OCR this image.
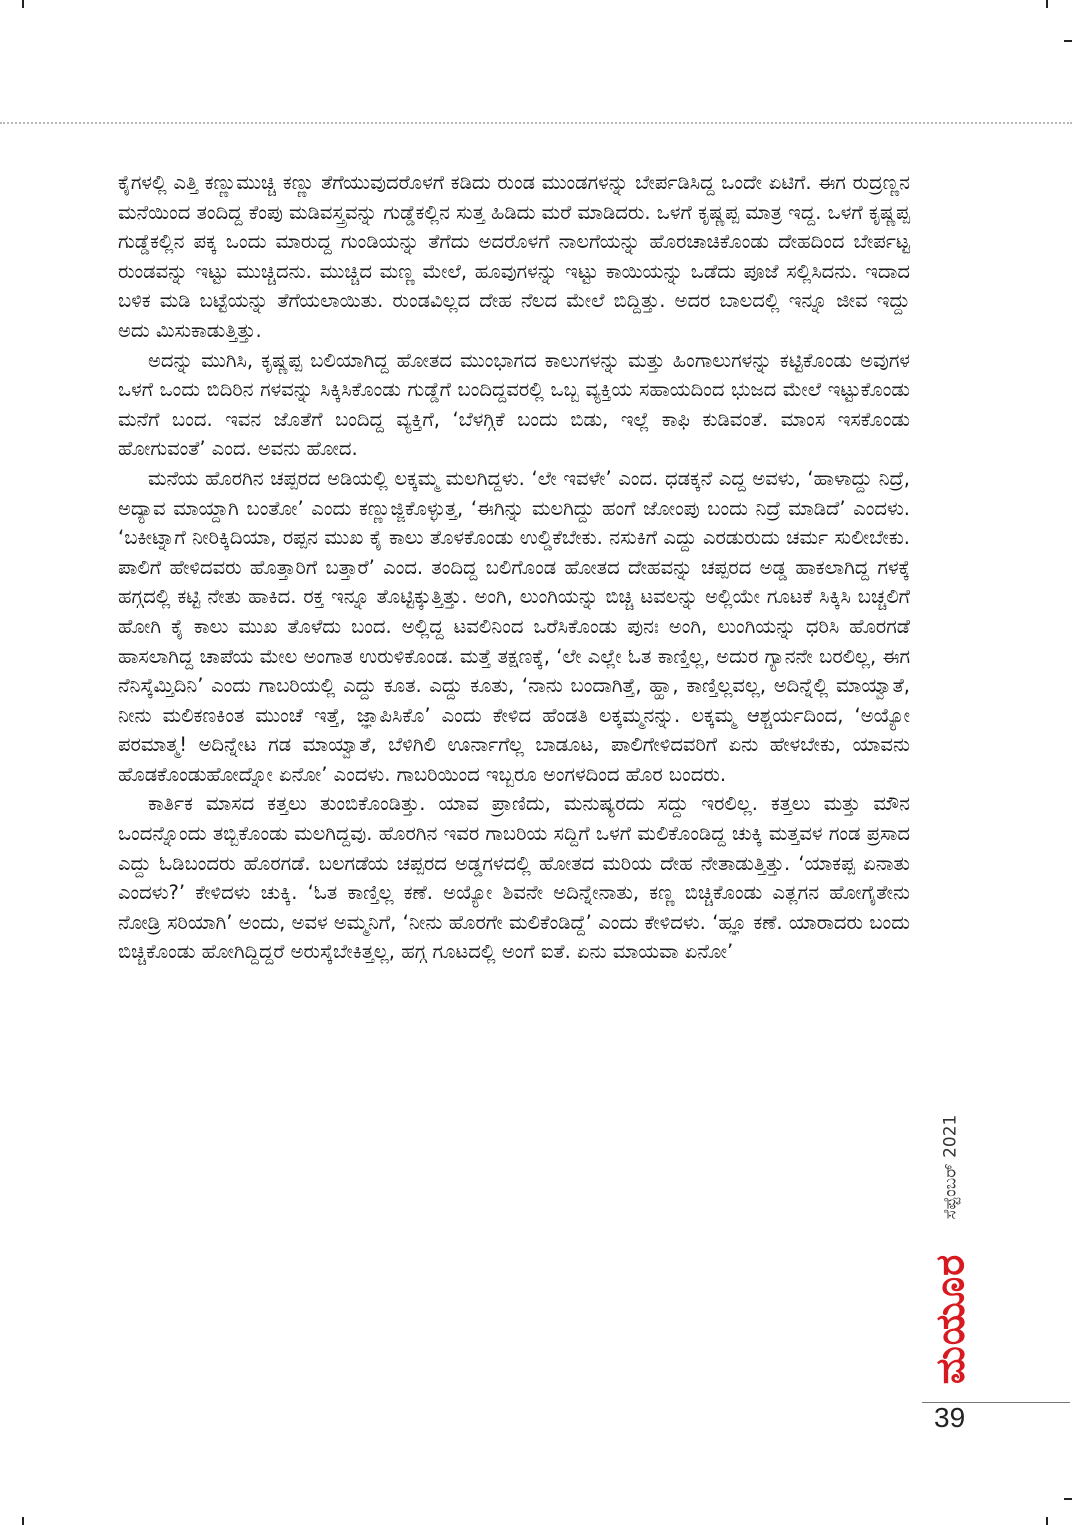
ಕೈಗಳಲ್ಲಿ ಎತ್ತಿ ಕಣ್ಣುಮುಚ್ಚಿ ಕಣ್ಣು ತೆಗೆಯುವುದರೊಳಗೆ ಕಡಿದು ರುಂಡ ಮುಂಡಗಳನ್ನು ಬೇರ್ಪಡಿಸಿದ್ದ ಒಂದೇ ಏಟಿಗೆ. ಈಗ ರುದ್ರಣ್ಣನ ಮನೆಯಿಂದ ತಂದಿದ್ದ ಕೆಂಪು ಮಡಿವಸ್ತ್ರವನ್ನು ಗುಡ್ಡೆಕಲ್ಲಿನ ಸುತ್ತ ಹಿಡಿದು ಮರೆ ಮಾಡಿದರು. ಒಳಗೆ ಕೃಷ್ಣಪ್ಪ ಮಾತ್ರ ಇದ್ದ. ಒಳಗೆ ಕೃಷ್ಣಪ್ಪ ಗುಡ್ಡೆಕಲ್ಲಿನ ಪಕ್ಕ ಒಂದು ಮಾರುದ್ದ ಗುಂಡಿಯನ್ನು ತೆಗೆದು ಅದರೊಳಗೆ ನಾಲಗೆಯನ್ನು ಹೊರಚಾಚಿಕೊಂಡು ದೇಹದಿಂದ ಬೇರ್ಪಟ್ಟ ರುಂಡವನ್ನು ಇಟ್ಟು ಮುಚ್ಚಿದನು. ಮುಚ್ಚಿದ ಮಣ್ಣ ಮೇಲೆ, ಹೂವುಗಳನ್ನು ಇಟ್ಟು ಕಾಯಿಯನ್ನು ಒಡೆದು ಪೂಜೆ ಸಲ್ಲಿಸಿದನು. ಇದಾದ ಬಳಿಕ ಮಡಿ ಬಟ್ಟೆಯನ್ನು ತೆಗೆಯಲಾಯಿತು. ರುಂಡವಿಲ್ಲದ ದೇಹ ನೆಲದ ಮೇಲೆ ಬಿದ್ದಿತ್ತು. ಅದರ ಬಾಲದಲ್ಲಿ ಇನ್ನೂ ಜೀವ ಇದ್ದು ಅದು ಮಿಸುಕಾಡುತ್ತಿತ್ತು.

ಅದನ್ನು ಮುಗಿಸಿ, ಕೃಷ್ಣಪ್ಪ ಬಲಿಯಾಗಿದ್ದ ಹೋತದ ಮುಂಭಾಗದ ಕಾಲುಗಳನ್ನು ಮತ್ತು ಹಿಂಗಾಲುಗಳನ್ನು ಕಟ್ಟಿಕೊಂಡು ಅವುಗಳ ಒಳಗೆ ಒಂದು ಬಿದಿರಿನ ಗಳವನ್ನು ಸಿಕ್ಕಿಸಿಕೊಂಡು ಗುಡ್ಡೆಗೆ ಬಂದಿದ್ದವರಲ್ಲಿ ಒಬ್ಬ ವ್ಯಕ್ತಿಯ ಸಹಾಯದಿಂದ ಭುಜದ ಮೇಲೆ ಇಟ್ಟುಕೊಂಡು ಮನೆಗೆ ಬಂದ. ಇವನ ಜೊತೆಗೆ ಬಂದಿದ್ದ ವ್ಯಕ್ತಿಗೆ, ‘ಬೆಳಗ್ಗಿಕೆ ಬಂದು ಬಿಡು, ಇಲ್ಲೆ ಕಾಫಿ ಕುಡಿವಂತೆ. ಮಾಂಸ ಇಸಕೊಂಡು ಹೋಗುವಂತೆ’ ಎಂದ. ಅವನು ಹೋದ.

ಮನೆಯ ಹೊರಗಿನ ಚಪ್ಪರದ ಅಡಿಯಲ್ಲಿ ಲಕ್ಕಮ್ಮ ಮಲಗಿದ್ದಳು. ‘ಲೇ ಇವಳೇ’ ಎಂದ. ಧಡಕ್ಕನೆ ಎದ್ದ ಅವಳು, ‘ಹಾಳಾದ್ದು ನಿದ್ರೆ, ಅದ್ಯಾವ ಮಾಯ್ದಾಗಿ ಬಂತೋ’ ಎಂದು ಕಣ್ಣುಜ್ಜಿಕೊಳ್ಳುತ್ತ, ‘ಈಗಿನ್ನು ಮಲಗಿದ್ದು ಹಂಗೆ ಜೋಂಪು ಬಂದು ನಿದ್ರೆ ಮಾಡಿದೆ’ ಎಂದಳು. ‘ಬಕೀಟ್ನಾಗೆ ನೀರಿಕ್ಕಿದಿಯಾ, ರಪ್ಪನ ಮುಖ ಕೈ ಕಾಲು ತೊಳಕೊಂಡು ಉಲ್ಡಿಕೆಬೇಕು. ನಸುಕಿಗೆ ಎದ್ದು ಎರಡುರುದು ಚರ್ಮ ಸುಲೀಬೇಕು. ಪಾಲಿಗೆ ಹೇಳಿದವರು ಹೊತ್ತಾರಿಗೆ ಬತ್ತಾರೆ’ ಎಂದ. ತಂದಿದ್ದ ಬಲಿಗೊಂಡ ಹೋತದ ದೇಹವನ್ನು ಚಪ್ಪರದ ಅಡ್ಡ ಹಾಕಲಾಗಿದ್ದ ಗಳಕ್ಕೆ ಹಗ್ಗದಲ್ಲಿ ಕಟ್ಟಿ ನೇತು ಹಾಕಿದ. ರಕ್ತ ಇನ್ನೂ ತೊಟ್ಟಿಕ್ಕುತ್ತಿತ್ತು. ಅಂಗಿ, ಲುಂಗಿಯನ್ನು ಬಿಚ್ಚಿ ಟವಲನ್ನು ಅಲ್ಲಿಯೇ ಗೂಟಕೆ ಸಿಕ್ಕಿಸಿ ಬಚ್ಚಲಿಗೆ ಹೋಗಿ ಕೈ ಕಾಲು ಮುಖ ತೊಳೆದು ಬಂದ. ಅಲ್ಲಿದ್ದ ಟವಲಿನಿಂದ ಒರೆಸಿಕೊಂಡು ಪುನಃ ಅಂಗಿ, ಲುಂಗಿಯನ್ನು ಧರಿಸಿ ಹೊರಗಡೆ ಹಾಸಲಾಗಿದ್ದ ಚಾಪೆಯ ಮೇಲ ಅಂಗಾತ ಉರುಳಿಕೊಂಡ. ಮತ್ತೆ ತಕ್ಷಣಕ್ಕೆ, ‘ಲೇ ಎಲ್ಲೇ ಓತ ಕಾಣ್ತಿಲ್ಲ, ಅದುರ ಗ್ಯಾನನೇ ಬರಲಿಲ್ಲ, ಈಗ ನೆನಿಸ್ಕೆಮ್ತಿದಿನಿ’ ಎಂದು ಗಾಬರಿಯಲ್ಲಿ ಎದ್ದು ಕೂತ. ಎದ್ದು ಕೂತು, ‘ನಾನು ಬಂದಾಗಿತ್ತೆ, ಹ್ಹಾ, ಕಾಣ್ತಿಲ್ಲವಲ್ಲ, ಅದಿನ್ನೆಲ್ಲಿ ಮಾಯ್ವಾತೆ, ನೀನು ಮಲಿಕಣಕಿಂತ ಮುಂಚೆ ಇತ್ತೆ, ಜ್ಞಾಪಿಸಿಕೊ’ ಎಂದು ಕೇಳಿದ ಹೆಂಡತಿ ಲಕ್ಕಮ್ಮನನ್ನು. ಲಕ್ಕಮ್ಮ ಆಶ್ಚರ್ಯದಿಂದ, ‘ಅಯ್ಯೋ ಪರಮಾತ್ಮ! ಅದಿನ್ನೇಟ ಗಡ ಮಾಯ್ವಾತೆ, ಬೆಳಿಗಿಲಿ ಊರ್ನಾಗೆಲ್ಲ ಬಾಡೂಟ, ಪಾಲಿಗೇಳಿದವರಿಗೆ ಏನು ಹೇಳಬೇಕು, ಯಾವನು ಹೊಡಕೊಂಡುಹೋದ್ನೋ ಏನೋ’ ಎಂದಳು. ಗಾಬರಿಯಿಂದ ಇಬ್ಬರೂ ಅಂಗಳದಿಂದ ಹೊರ ಬಂದರು.

ಕಾರ್ತಿಕ ಮಾಸದ ಕತ್ತಲು ತುಂಬಿಕೊಂಡಿತ್ತು. ಯಾವ ಪ್ರಾಣಿದು, ಮನುಷ್ಯರದು ಸದ್ದು ಇರಲಿಲ್ಲ. ಕತ್ತಲು ಮತ್ತು ಮೌನ ಒಂದನ್ನೊಂದು ತಬ್ಬಿಕೊಂಡು ಮಲಗಿದ್ದವು. ಹೊರಗಿನ ಇವರ ಗಾಬರಿಯ ಸದ್ದಿಗೆ ಒಳಗೆ ಮಲಿಕೊಂಡಿದ್ದ ಚುಕ್ಕಿ ಮತ್ತವಳ ಗಂಡ ಪ್ರಸಾದ ಎದ್ದು ಓಡಿಬಂದರು ಹೊರಗಡೆ. ಬಲಗಡೆಯ ಚಪ್ಪರದ ಅಡ್ಡಗಳದಲ್ಲಿ ಹೋತದ ಮರಿಯ ದೇಹ ನೇತಾಡುತ್ತಿತ್ತು. ‘ಯಾಕಪ್ಪ ಏನಾತು ಎಂದಳು?’ ಕೇಳಿದಳು ಚುಕ್ಕಿ. ‘ಓತ ಕಾಣ್ತಿಲ್ಲ ಕಣೆ. ಅಯ್ಯೋ ಶಿವನೇ ಅದಿನ್ನೇನಾತು, ಕಣ್ಣ ಬಿಚ್ಚಿಕೊಂಡು ಎತ್ಲಗನ ಹೋಗೈತೇನು ನೋಡ್ರಿ ಸರಿಯಾಗಿ’ ಅಂದು, ಅವಳ ಅಮ್ಮನಿಗೆ, ‘ನೀನು ಹೊರಗೇ ಮಲಿಕೆಂಡಿದ್ದೆ’ ಎಂದು ಕೇಳಿದಳು. ‘ಹ್ಞೂ ಕಣೆ. ಯಾರಾದರು ಬಂದು ಬಿಚ್ಚಿಕೊಂಡು ಹೋಗಿದ್ದಿದ್ದರೆ ಅರುಸ್ಕೆಬೇಕಿತ್ತಲ್ಲ, ಹಗ್ಗ ಗೂಟದಲ್ಲಿ ಅಂಗೆ ಐತೆ. ಏನು ಮಾಯವಾ ಏನೋ’

ಸೆಪ್ಟೆಂಬರ್ 2021
ಮಯೂರ
39
